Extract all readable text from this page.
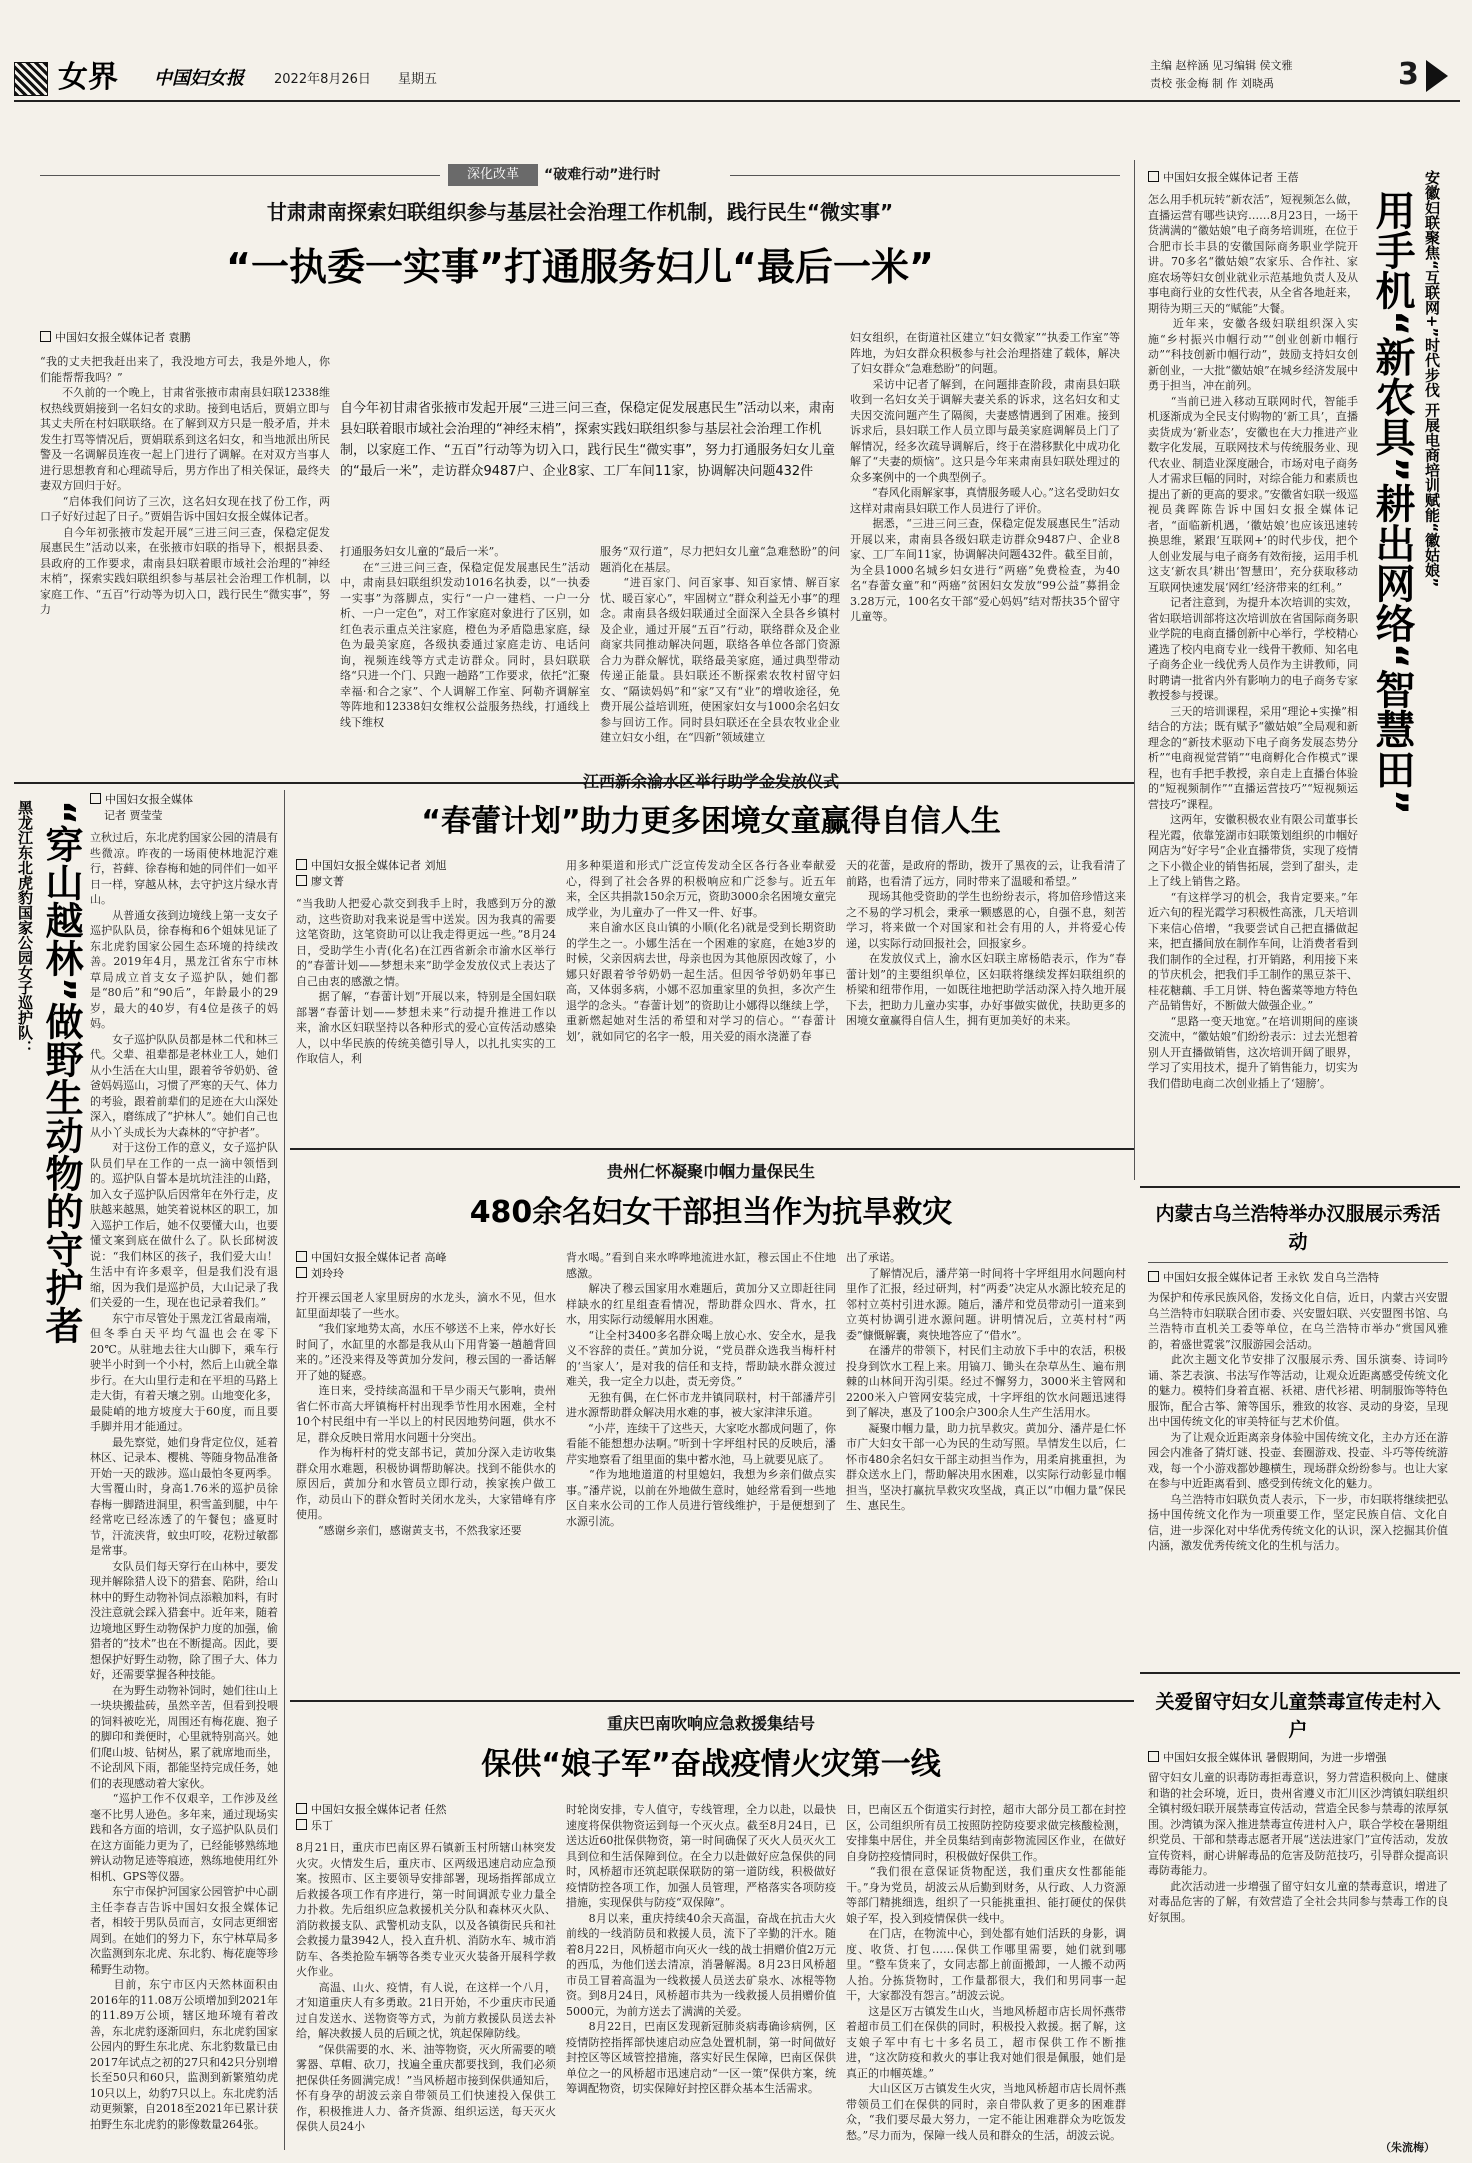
女界 中国妇女报 2022年8月26日 星期五
主编 赵梓涵 见习编辑 侯文雅
责校 张金梅 制 作 刘晓禹	3
深化改革	“破难行动”进行时
甘肃肃南探索妇联组织参与基层社会治理工作机制，践行民生“微实事”
“一执委一实事”打通服务妇儿“最后一米”
中国妇女报全媒体记者 袁鹏
自今年初甘肃省张掖市发起开展“三进三问三查，保稳定促发展惠民生”活动以来，肃南县妇联着眼市域社会治理的“神经末梢”，探索实践妇联组织参与基层社会治理工作机制，以家庭工作、“五百”行动等为切入口，践行民生“微实事”，努力打通服务妇女儿童的“最后一米”，走访群众9487户、企业8家、工厂车间11家，协调解决问题432件
“我的丈夫把我赶出来了，我没地方可去，我是外地人，你们能帮帮我吗？”
　　不久前的一个晚上，甘肃省张掖市肃南县妇联12338维权热线贾娟接到一名妇女的求助。接到电话后，贾娟立即与其丈夫所在村妇联联络。在了解到双方只是一般矛盾，并未发生打骂等情况后，贾娟联系到这名妇女，和当地派出所民警及一名调解员连夜一起上门进行了调解。在对双方当事人进行思想教育和心理疏导后，男方作出了相关保证，最终夫妻双方回归于好。
　　“启体我们问访了三次，这名妇女现在找了份工作，两口子好好过起了日子。”贾娟告诉中国妇女报全媒体记者。
　　自今年初张掖市发起开展“三进三问三查，保稳定促发展惠民生”活动以来，在张掖市妇联的指导下，根据县委、县政府的工作要求，肃南县妇联着眼市域社会治理的“神经末梢”，探索实践妇联组织参与基层社会治理工作机制，以家庭工作、“五百”行动等为切入口，践行民生“微实事”，努力
打通服务妇女儿童的“最后一米”。
　　在“三进三问三查，保稳定促发展惠民生”活动中，肃南县妇联组织发动1016名执委，以“一执委一实事”为落脚点，实行“一户一建档、一户一分析、一户一定色”，对工作家庭对象进行了区别，如红色表示重点关注家庭，橙色为矛盾隐患家庭，绿色为最美家庭，各级执委通过家庭走访、电话问询，视频连线等方式走访群众。同时，县妇联联络“只进一个门、只跑一趟路”工作要求，依托“汇聚幸福·和合之家”、个人调解工作室、阿勒齐调解室等阵地和12338妇女维权公益服务热线，打通线上线下维权
服务“双行道”，尽力把妇女儿童“急难愁盼”的问题消化在基层。
　　“进百家门、问百家事、知百家情、解百家忧、暖百家心”，牢固树立“群众利益无小事”的理念。肃南县各级妇联通过全面深入全县各乡镇村及企业，通过开展“五百”行动，联络群众及企业商家共同推动解决问题，联络各单位各部门资源合力为群众解忧，联络最美家庭，通过典型带动传递正能量。县妇联还不断探索农牧村留守妇女、“隔读妈妈”和“家”又有“业”的增收途径，免费开展公益培训班，使困家妇女与1000余名妇女参与回访工作。同时县妇联还在全县农牧业企业建立妇女小组，在“四新”领域建立
妇女组织，在街道社区建立“妇女微家”“执委工作室”等阵地，为妇女群众积极参与社会治理搭建了载体，解决了妇女群众“急难愁盼”的问题。
　　采访中记者了解到，在问题排查阶段，肃南县妇联收到一名妇女关于调解夫妻关系的诉求，这名妇女和丈夫因交流问题产生了隔阂，夫妻感情遇到了困难。接到诉求后，县妇联工作人员立即与最美家庭调解员上门了解情况，经多次疏导调解后，终于在潜移默化中成功化解了“夫妻的烦恼”。这只是今年来肃南县妇联处理过的众多案例中的一个典型例子。
　　“春风化雨解家事，真情服务暖人心。”这名受助妇女这样对肃南县妇联工作人员进行了评价。
　　据悉，“三进三问三查，保稳定促发展惠民生”活动开展以来，肃南县各级妇联走访群众9487户、企业8家、工厂车间11家，协调解决问题432件。截至目前，为全县1000名城乡妇女进行“两癌”免费检查，为40名“春蕾女童”和“两癌”贫困妇女发放“99公益”募捐金3.28万元，100名女干部“爱心妈妈”结对帮扶35个留守儿童等。
中国妇女报全媒体记者 王蓓
用手机“新农具”耕出网络“智慧田” 安徽妇联聚焦“互联网+”时代步伐 开展电商培训赋能“徽姑娘”
怎么用手机玩转“新农活”，短视频怎么做，直播运营有哪些诀窍……8月23日，一场干货满满的“徽姑娘”电子商务培训班，在位于合肥市长丰县的安徽国际商务职业学院开讲。70多名“徽姑娘”农家乐、合作社、家庭农场等妇女创业就业示范基地负责人及从事电商行业的女性代表，从全省各地赶来，期待为期三天的“赋能”大餐。
　　近年来，安徽各级妇联组织深入实施“乡村振兴巾帼行动”“创业创新巾帼行动”“科技创新巾帼行动”，鼓励支持妇女创新创业，一大批“徽姑娘”在城乡经济发展中勇于担当，冲在前列。
　　“当前已进入移动互联网时代，智能手机逐渐成为全民支付购物的‘新工具’，直播卖货成为‘新业态’，安徽也在大力推进产业数字化发展，互联网技术与传统服务业、现代农业、制造业深度融合，市场对电子商务人才需求巨幅的同时，对综合能力和素质也提出了新的更高的要求。”安徽省妇联一级巡视员龚晖陈告诉中国妇女报全媒体记者，“面临新机遇，‘徽姑娘’也应该迅速转换思维，紧跟‘互联网+’的时代步伐，把个人创业发展与电子商务有效衔接，运用手机这支‘新农具’耕出‘智慧田’，充分获取移动互联网快速发展‘网红’经济带来的红利。”
　　记者注意到，为提升本次培训的实效，省妇联培训部将这次培训放在省国际商务职业学院的电商直播创新中心举行，学校精心遴选了校内电商专业一线骨干教师、知名电子商务企业一线优秀人员作为主讲教师，同时聘请一批省内外有影响力的电子商务专家教授参与授课。
　　三天的培训课程，采用“理论+实操”相结合的方法；既有赋予“徽姑娘”全局观和新理念的“新技术驱动下电子商务发展态势分析”“电商视觉营销”“电商孵化合作模式”课程，也有手把手教授，亲自走上直播台体验的“短视频制作”“直播运营技巧”“短视频运营技巧”课程。
　　这两年，安徽积极农业有限公司董事长程光霞，依靠笼湖市妇联策划组织的巾帼好网店为“好字号”企业直播带货，实现了疫情之下小微企业的销售拓展，尝到了甜头，走上了线上销售之路。
　　“有这样学习的机会，我肯定要来。”年近六旬的程光霞学习积极性高涨，几天培训下来信心倍增，“我要尝试自己把直播做起来，把直播间放在制作车间，让消费者看到我们制作的全过程，打开销路，利用接下来的节庆机会，把我们手工制作的黑豆茶干、桂花糖藕、手工月饼、特色酱菜等地方特色产品销售好，不断做大做强企业。”
　　“思路一变天地宽。”在培训期间的座谈交流中，“徽姑娘”们纷纷表示：过去光想着别人开直播做销售，这次培训开阔了眼界，学习了实用技术，提升了销售能力，切实为我们借助电商二次创业插上了‘翅膀’。
内蒙古乌兰浩特举办汉服展示秀活动
中国妇女报全媒体记者 王永钦 发自乌兰浩特
为保护和传承民族风俗，发扬文化自信，近日，内蒙古兴安盟乌兰浩特市妇联联合团市委、兴安盟妇联、兴安盟图书馆、乌兰浩特市直机关工委等单位，在乌兰浩特市举办“赏国风雅韵，着盛世霓裳”汉服游园会活动。
　　此次主题文化节安排了汉服展示秀、国乐演奏、诗词吟诵、茶艺表演、书法写作等活动，让观众近距离感受传统文化的魅力。模特们身着直裾、袄裙、唐代衫裙、明制服饰等特色服饰，配合古筝、箫等国乐，雅致的妆容、灵动的身姿，呈现出中国传统文化的审美特征与艺术价值。
　　为了让观众近距离亲身体验中国传统文化，主办方还在游园会内准备了猜灯谜、投壶、套圈游戏、投壶、斗巧等传统游戏，每一个小游戏都妙趣横生，现场群众纷纷参与。也让大家在参与中近距离看到、感受到传统文化的魅力。
　　乌兰浩特市妇联负责人表示，下一步，市妇联将继续把弘扬中国传统文化作为一项重要工作，坚定民族自信、文化自信，进一步深化对中华优秀传统文化的认识，深入挖掘其价值内涵，激发优秀传统文化的生机与活力。
关爱留守妇女儿童禁毒宣传走村入户
中国妇女报全媒体讯 暑假期间，为进一步增强
留守妇女儿童的识毒防毒拒毒意识，努力营造积极向上、健康和谐的社会环境，近日，贵州省遵义市汇川区沙湾镇妇联组织全镇村级妇联开展禁毒宣传活动，营造全民参与禁毒的浓厚氛围。沙湾镇为深入推进禁毒宣传进村入户，联合学校在暑期组织党员、干部和禁毒志愿者开展“送法进家门”宣传活动，发放宣传资料，耐心讲解毒品的危害及防范技巧，引导群众提高识毒防毒能力。
　　此次活动进一步增强了留守妇女儿童的禁毒意识，增进了对毒品危害的了解，有效营造了全社会共同参与禁毒工作的良好氛围。
（朱流梅）
黑龙江东北虎豹国家公园女子巡护队： “穿山越林”做野生动物的守护者
中国妇女报全媒体
记者 贾莹莹
立秋过后，东北虎豹国家公园的清晨有些微凉。昨夜的一场雨使林地泥泞难行，苔藓、徐春梅和她的同伴们一如平日一样，穿越从林，去守护这片绿水青山。
　　从普通女孩到边境线上第一支女子巡护队队员，徐春梅和6个姐妹见证了东北虎豹国家公园生态环境的持续改善。2019年4月，黑龙江省东宁市林草局成立首支女子巡护队，她们都是“80后”和“90后”，年龄最小的29岁，最大的40岁，有4位是孩子的妈妈。
　　女子巡护队队员都是林二代和林三代。父辈、祖辈都是老林业工人，她们从小生活在大山里，跟着爷爷奶奶、爸爸妈妈巡山，习惯了严寒的天气、体力的考验，跟着前辈们的足迹在大山深处深入，磨练成了“护林人”。她们自己也从小丫头成长为大森林的“守护者”。
　　对于这份工作的意义，女子巡护队队员们早在工作的一点一滴中领悟到的。巡护队自誓本是坑坑洼洼的山路，加入女子巡护队后因常年在外行走，皮肤越来越黑，她笑着说林区的职工，加入巡护工作后，她不仅要懂大山，也要懂文案到底在做什么了。队长邱树波说：“我们林区的孩子，我们爱大山！生活中有许多艰辛，但是我们没有退缩，因为我们是巡护员，大山记录了我们关爱的一生，现在也记录着我们。”
　　东宁市尽管处于黑龙江省最南端，但冬季白天平均气温也会在零下20℃。从驻地去往大山脚下，乘车行驶半小时到一个小村，然后上山就全靠步行。在大山里行走和在平坦的马路上走大街，有着天壤之别。山地变化多，最陡峭的地方坡度大于60度，而且要手脚并用才能通过。
　　最先察觉，她们身背定位仪，延着林区、记录本、樱桃、等随身物品准备开始一天的跋涉。巡山最怕冬夏两季。大雪覆山时，身高1.76米的巡护员徐春梅一脚踏进洞里，积雪盖到腿，中午经常吃已经冻透了的午餐包；盛夏时节，汗流浃背，蚊虫叮咬，花粉过敏都是常事。
　　女队员们每天穿行在山林中，要发现并解除猎人设下的猎套、陷阱，给山林中的野生动物补饲点添粮加料，有时没注意就会踩入猎套中。近年来，随着边境地区野生动物保护力度的加强，偷猎者的“技术”也在不断提高。因此，要想保护好野生动物，除了围子大、体力好，还需要掌握各种技能。
　　在为野生动物补饲时，她们往山上一块块搬盐砖，虽然辛苦，但看到投喂的饲料被吃光，周围还有梅花鹿、狍子的脚印和粪便时，心里就特别高兴。她们爬山坡、钻树丛，累了就席地而坐，不论刮风下雨，都能坚持完成任务，她们的表现感动着大家伙。
　　“巡护工作不仅艰辛，工作涉及丝毫不比男人逊色。多年来，通过现场实践和各方面的培训，女子巡护队队员们在这方面能力更为了，已经能够熟练地辨认动物足迹等痕迹，熟练地使用红外相机、GPS等仪器。
　　东宁市保护河国家公园管护中心副主任李春吉告诉中国妇女报全媒体记者，相较于男队员而言，女同志更细密周到。在她们的努力下，东宁林草局多次监测到东北虎、东北豹、梅花鹿等珍稀野生动物。
　　目前，东宁市区内天然林面积由2016年的11.08万公顷增加到2021年的11.89万公顷，辖区地环境有着改善，东北虎豹逐渐回归，东北虎豹国家公园内的野生东北虎、东北豹数量已由2017年试点之初的27只和42只分别增长至50只和60只，监测到新繁殖幼虎10只以上，幼豹7只以上。东北虎豹活动更频繁，自2018至2021年已累计获拍野生东北虎豹的影像数量264张。
江西新余渝水区举行助学金发放仪式
“春蕾计划”助力更多困境女童赢得自信人生
中国妇女报全媒体记者 刘旭
廖文菁
“当我助人把爱心款交到我手上时，我感到万分的激动，这些资助对我来说是雪中送炭。因为我真的需要这笔资助，这笔资助可以让我走得更远一些。”8月24日，受助学生小青(化名)在江西省新余市渝水区举行的“春蕾计划——梦想未来”助学金发放仪式上表达了自己由衷的感激之情。
　　据了解，“春蕾计划”开展以来，特别是全国妇联部署“春蕾计划——梦想未来”行动提升推进工作以来，渝水区妇联坚持以各种形式的爱心宣传活动感染人，以中华民族的传统美德引导人，以扎扎实实的工作取信人，利
用多种渠道和形式广泛宣传发动全区各行各业奉献爱心，得到了社会各界的积极响应和广泛参与。近五年来，全区共捐款150余万元，资助3000余名困境女童完成学业，为儿童办了一件又一件、好事。
　　来自渝水区良山镇的小顺(化名)就是受到长期资助的学生之一。小娜生活在一个困难的家庭，在她3岁的时候，父亲因病去世，母亲也因为其他原因改嫁了，小娜只好跟着爷爷奶奶一起生活。但因爷爷奶奶年事已高，又体弱多病，小娜不忍加重家里的负担，多次产生退学的念头。“春蕾计划”的资助让小娜得以继续上学，重新燃起她对生活的希望和对学习的信心。“‘春蕾计划’，就如同它的名字一般，用关爱的雨水浇灌了春
天的花蕾，是政府的帮助，拨开了黑夜的云，让我看清了前路，也看清了远方，同时带来了温暖和希望。”
　　现场其他受资助的学生也纷纷表示，将加倍珍惜这来之不易的学习机会，秉承一颗感恩的心，自强不息，刻苦学习，将来做一个对国家和社会有用的人，并将爱心传递，以实际行动回报社会，回报家乡。
　　在发放仪式上，渝水区妇联主席杨皓表示，作为“春蕾计划”的主要组织单位，区妇联将继续发挥妇联组织的桥梁和纽带作用，一如既往地把助学活动深入持久地开展下去，把助力儿童办实事，办好事做实做优，扶助更多的困境女童赢得自信人生，拥有更加美好的未来。
贵州仁怀凝聚巾帼力量保民生
480余名妇女干部担当作为抗旱救灾
中国妇女报全媒体记者 高峰
刘玲玲
拧开裸云国老人家里厨房的水龙头，滴水不见，但水缸里面却装了一些水。
　　“我们家地势太高，水压不够送不上来，停水好长时间了，水缸里的水都是我从山下用背篓一趟趟背回来的。”还没来得及等黄加分发问，穆云国的一番话解开了她的疑惑。
　　连日来，受持续高温和干旱少雨天气影响，贵州省仁怀市高大坪镇梅杆村出现季节性用水困难，全村10个村民组中有一半以上的村民因地势问题，供水不足，群众反映日常用水问题十分突出。
　　作为梅杆村的党支部书记，黄加分深入走访收集群众用水难题，积极协调帮助解决。找到不能供水的原因后，黄加分和水管员立即行动，挨家挨户做工作，动员山下的群众暂时关闭水龙头，大家错峰有序使用。
　　“感谢乡亲们，感谢黄支书，不然我家还要
背水喝。”看到自来水哗哗地流进水缸，穆云国止不住地感激。
　　解决了穆云国家用水难题后，黄加分又立即赶往同样缺水的红星组查看情况，帮助群众四水、背水，扛水，用实际行动缓解用水困难。
　　“让全村3400多名群众喝上放心水、安全水，是我义不容辞的责任。”黄加分说，“党员群众选我当梅杆村的‘当家人’，是对我的信任和支持，帮助缺水群众渡过难关，我一定全力以赴，责无旁贷。”
　　无独有偶，在仁怀市龙井镇同联村，村干部潘芹引进水源帮助群众解决用水难的事，被大家津津乐道。
　　“小芹，连续干了这些天，大家吃水都成问题了，你看能不能想想办法啊。”听到十字坪组村民的反映后，潘芹实地察看了组里面的集中蓄水池，马上就要见底了。
　　“作为地地道道的村里媳妇，我想为乡亲们做点实事。”潘芹说，以前在外地做生意时，她经常看到一些地区自来水公司的工作人员进行管线维护，于是便想到了水源引流。
出了承诺。
　　了解情况后，潘芹第一时间将十字坪组用水问题向村里作了汇报，经过研判，村“两委”决定从水源比较充足的邻村立英村引进水源。随后，潘芹和党员带动引一道来到立英村协调引进水源问题。讲明情况后，立英村村“两委”慷慨解囊，爽快地答应了“借水”。
　　在潘芹的带领下，村民们主动放下手中的农活，积极投身到饮水工程上来。用镐刀、锄头在杂草丛生、遍布荆棘的山林间开沟引渠。经过不懈努力，3000米主管网和2200米入户管网安装完成，十字坪组的饮水问题迅速得到了解决，惠及了100余户300余人生产生活用水。
　　凝聚巾帼力量，助力抗旱救灾。黄加分、潘芹是仁怀市广大妇女干部一心为民的生动写照。旱情发生以后，仁怀市480余名妇女干部主动担当作为，用柔肩挑重担，为群众送水上门，帮助解决用水困难，以实际行动彰显巾帼担当，坚决打赢抗旱救灾攻坚战，真正以“巾帼力量”保民生、惠民生。
重庆巴南吹响应急救援集结号
保供“娘子军”奋战疫情火灾第一线
中国妇女报全媒体记者 任然
乐丁
8月21日，重庆市巴南区界石镇新玉村所辖山林突发火灾。火情发生后，重庆市、区两级迅速启动应急预案。按照市、区主要领导安排部署，现场指挥部成立后救援各项工作有序进行，第一时间调派专业力量全力扑救。先后组织应急救援机关分队和森林灭火队、消防救援支队、武警机动支队，以及各镇街民兵和社会救援力量3942人，投入直升机、消防水车、城市消防车、各类抢险车辆等各类专业灭火装备开展科学救火作业。
　　高温、山火、疫情，有人说，在这样一个八月，才知道重庆人有多勇敢。21日开始，不少重庆市民通过自发送水、送物资等方式，为前方救援队员送去补给，解决救援人员的后顾之忧，筑起保障防线。
　　“保供需要的水、米、油等物资，灭火所需要的喷雾器、草帽、砍刀，找遍全重庆都要找到，我们必须把保供任务圆满完成！”当风桥超市接到保供通知后，怀有身孕的胡波云亲自带领员工们快速投入保供工作，积极推进人力、备齐货源、组织运送，每天灭火保供人员24小
时轮岗安排，专人值守，专线管理，全力以赴，以最快速度将保供物资运到每一个灭火点。截至8月24日，已送达近60批保供物资，第一时间确保了灭火人员灭火工具到位和生活保障到位。在全力以赴做好应急保供的同时，风桥超市还筑起联保联防的第一道防线，积极做好疫情防控各项工作，加强人员管理，严格落实各项防疫措施，实现保供与防疫“双保障”。
　　8月以来，重庆持续40余天高温，奋战在抗击大火前线的一线消防员和救援人员，流下了辛勤的汗水。随着8月22日，风桥超市向灭火一线的战士捐赠价值2万元的西瓜，为他们送去清凉，消暑解渴。8月23日风桥超市员工冒着高温为一线救援人员送去矿泉水、冰棍等物资。到8月24日，风桥超市共为一线救援人员捐赠价值5000元，为前方送去了满满的关爱。
　　8月22日，巴南区发现新冠肺炎病毒确诊病例，区疫情防控指挥部快速启动应急处置机制，第一时间做好封控区等区域管控措施，落实好民生保障，巴南区保供单位之一的风桥超市迅速启动“一区一策”保供方案，统筹调配物资，切实保障好封控区群众基本生活需求。
日，巴南区五个街道实行封控，超市大部分员工都在封控区，公司组织所有员工按照防控防疫要求做完核酸检测，安排集中居住，并全员集结到南彭物流园区作业，在做好自身防控疫情同时，积极做好保供工作。
　　“我们很在意保证货物配送，我们重庆女性都能能干。”身为党员，胡波云从后勤到财务，从行政、人力资源等部门精挑细选，组织了一只能挑重担、能打硬仗的保供娘子军，投入到疫情保供一线中。
　　在门店，在物流中心，到处都有她们活跃的身影，调度、收货、打包……保供工作哪里需要，她们就到哪里。“整车货来了，女同志都上前面搬卸，一人搬不动两人抬。分拣货物时，工作量都很大，我们和男同事一起干，大家都没有怨言。”胡波云说。
　　这是区万古镇发生山火，当地风桥超市店长周怀燕带着超市员工们在保供的同时，积极投入救援。据了解，这支娘子军中有七十多名员工，超市保供工作不断推进，“这次防疫和救火的事让我对她们很是佩服，她们是真正的巾帼英雄。”
　　大山区区万古镇发生火灾，当地风桥超市店长周怀燕带领员工们在保供的同时，亲自带队救了更多的困难群众，“我们要尽最大努力，一定不能让困难群众为吃饭发愁。”尽力而为，保障一线人员和群众的生活，胡波云说。
